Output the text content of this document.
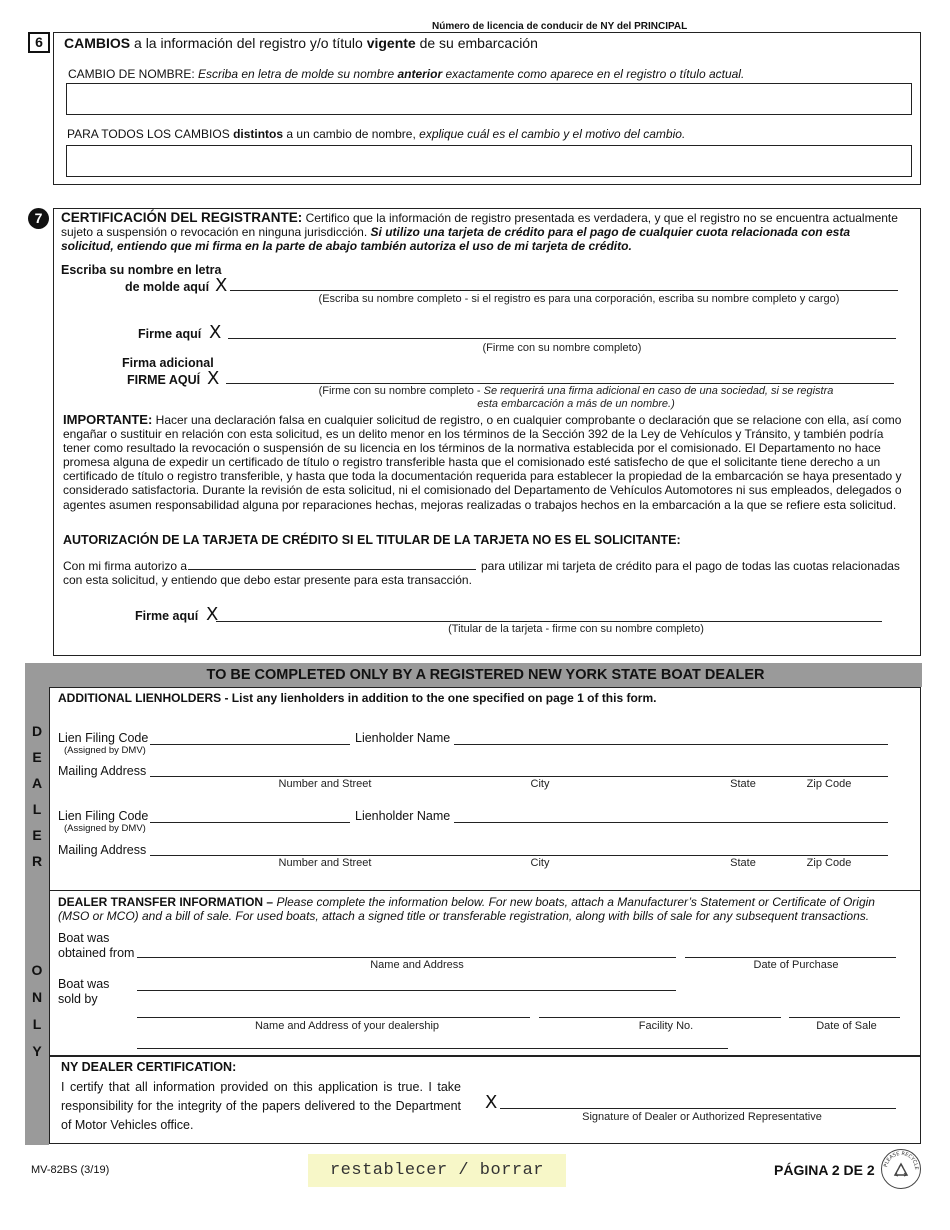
Número de licencia de conducir de NY del PRINCIPAL
6	CAMBIOS a la información del registro y/o título vigente de su embarcación
CAMBIO DE NOMBRE: Escriba en letra de molde su nombre anterior exactamente como aparece en el registro o título actual.
PARA TODOS LOS CAMBIOS distintos a un cambio de nombre, explique cuál es el cambio y el motivo del cambio.
7	CERTIFICACIÓN DEL REGISTRANTE: Certifico que la información de registro presentada es verdadera, y que el registro no se encuentra actualmente sujeto a suspensión o revocación en ninguna jurisdicción. Si utilizo una tarjeta de crédito para el pago de cualquier cuota relacionada con esta solicitud, entiendo que mi firma en la parte de abajo también autoriza el uso de mi tarjeta de crédito.

Escriba su nombre en letra
de molde aquí X
(Escriba su nombre completo - si el registro es para una corporación, escriba su nombre completo y cargo)
Firme aquí X
(Firme con su nombre completo)
Firma adicional
FIRME AQUÍ X
(Firme con su nombre completo - Se requerirá una firma adicional en caso de una sociedad, si se registra
esta embarcación a más de un nombre.)

IMPORTANTE: Hacer una declaración falsa en cualquier solicitud de registro, o en cualquier comprobante o declaración que se relacione con ella, así como engañar o sustituir en relación con esta solicitud, es un delito menor en los términos de la Sección 392 de la Ley de Vehículos y Tránsito, y también podría tener como resultado la revocación o suspensión de su licencia en los términos de la normativa establecida por el comisionado. El Departamento no hace promesa alguna de expedir un certificado de título o registro transferible hasta que el comisionado esté satisfecho de que el solicitante tiene derecho a un certificado de título o registro transferible, y hasta que toda la documentación requerida para establecer la propiedad de la embarcación se haya presentado y considerado satisfactoria. Durante la revisión de esta solicitud, ni el comisionado del Departamento de Vehículos Automotores ni sus empleados, delegados o agentes asumen responsabilidad alguna por reparaciones hechas, mejoras realizadas o trabajos hechos en la embarcación a la que se refiere esta solicitud.

AUTORIZACIÓN DE LA TARJETA DE CRÉDITO SI EL TITULAR DE LA TARJETA NO ES EL SOLICITANTE:
Con mi firma autorizo a	para utilizar mi tarjeta de crédito para el pago de todas las cuotas relacionadas
con esta solicitud, y entiendo que debo estar presente para esta transacción.
Firme aquí X
(Titular de la tarjeta - firme con su nombre completo)
TO BE COMPLETED ONLY BY A REGISTERED NEW YORK STATE BOAT DEALER
D
E
A
L
E
R
O
N
L
Y
ADDITIONAL LIENHOLDERS - List any lienholders in addition to the one specified on page 1 of this form.
Lien Filing Code
(Assigned by DMV)
Lienholder Name
Mailing Address
Number and Street	City	State	Zip Code
Lien Filing Code
(Assigned by DMV)
Lienholder Name
Mailing Address
Number and Street	City	State	Zip Code

DEALER TRANSFER INFORMATION – Please complete the information below. For new boats, attach a Manufacturer’s Statement or Certificate of Origin (MSO or MCO) and a bill of sale. For used boats, attach a signed title or transferable registration, along with bills of sale for any subsequent transactions.

Boat was
obtained from
Name and Address	Date of Purchase
Boat was
sold by
Name and Address of your dealership	Facility No.	Date of Sale
NY DEALER CERTIFICATION:

I certify that all information provided on this application is true. I take responsibility for the integrity of the papers delivered to the Department of Motor Vehicles office.

X
Signature of Dealer or Authorized Representative
MV-82BS (3/19)	restablecer / borrar	PÁGINA 2 DE 2 PLEASE RECYCLE
